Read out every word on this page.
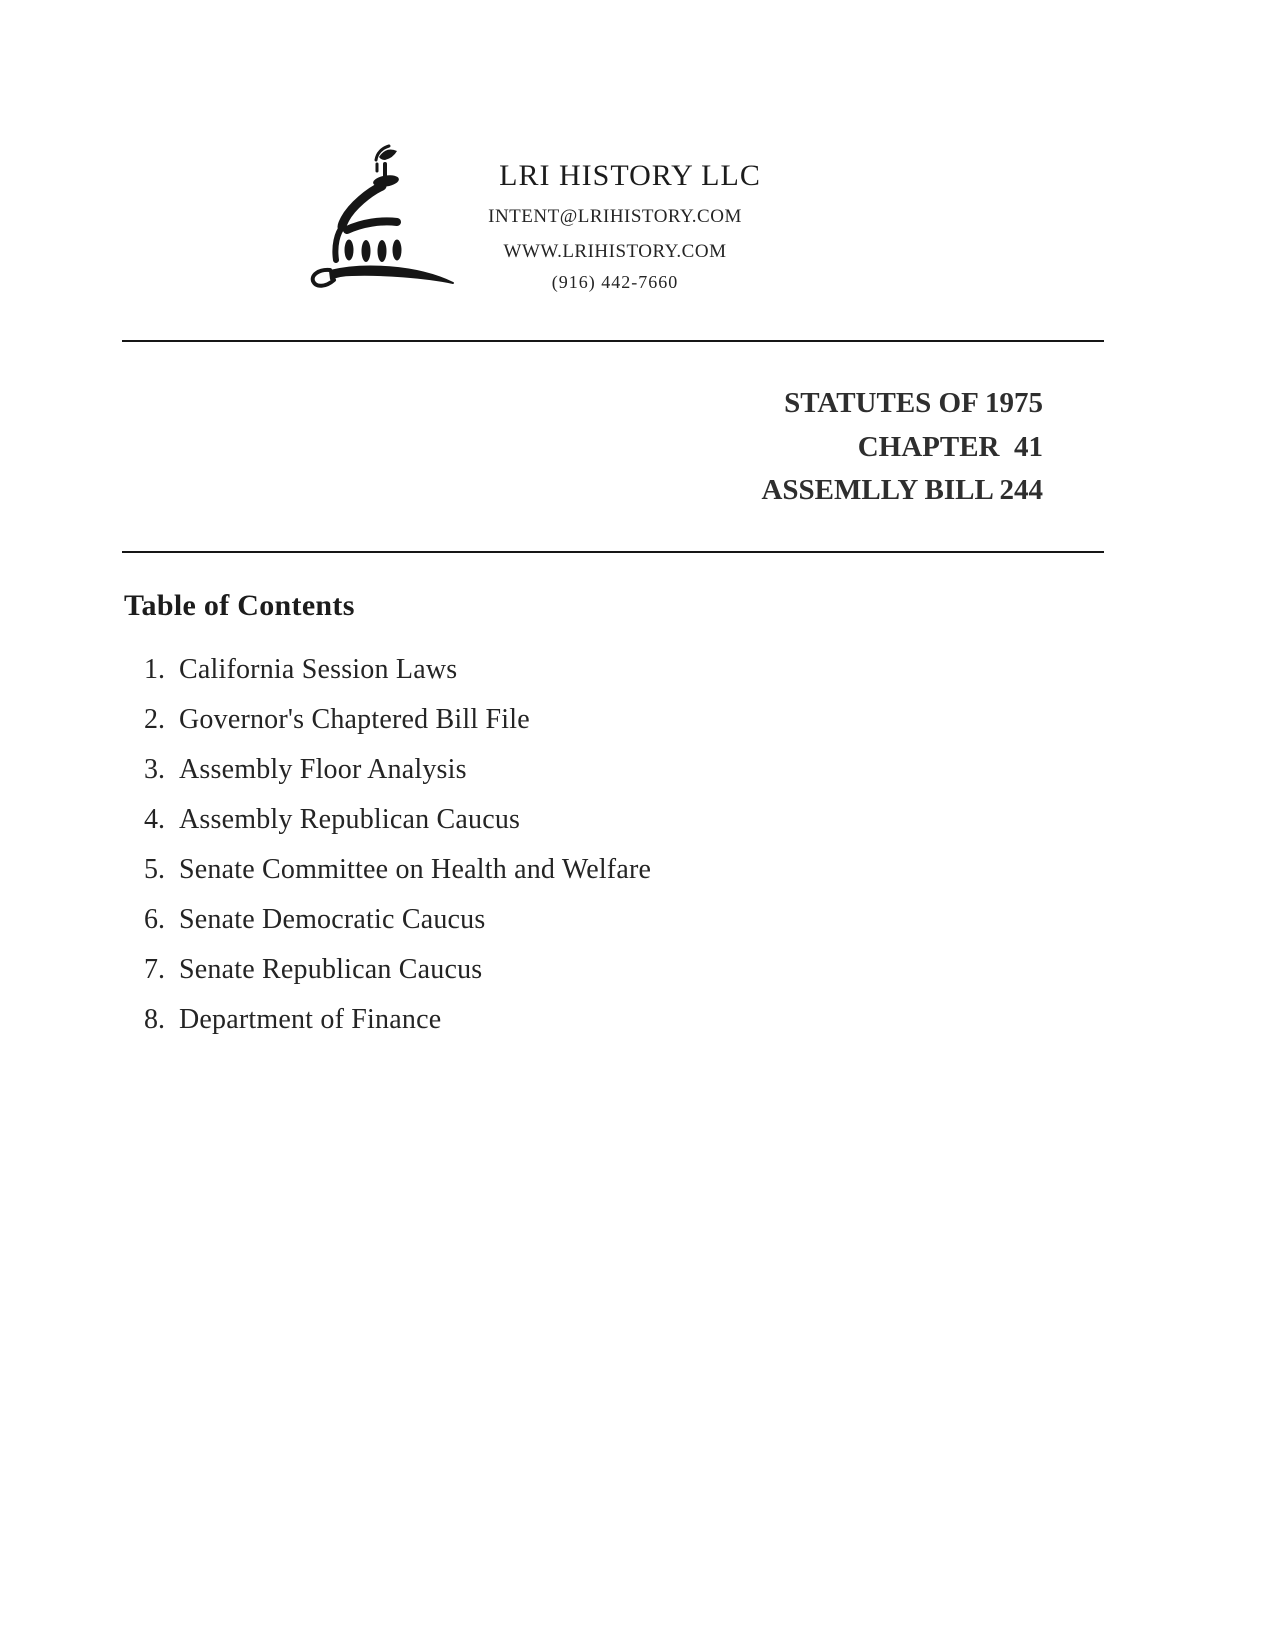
LRI HISTORY LLC
INTENT@LRIHISTORY.COM
WWW.LRIHISTORY.COM
(916) 442-7660
STATUTES OF 1975
CHAPTER  41
ASSEMLLY BILL 244
Table of Contents
1. California Session Laws
2. Governor's Chaptered Bill File
3. Assembly Floor Analysis
4. Assembly Republican Caucus
5. Senate Committee on Health and Welfare
6. Senate Democratic Caucus
7. Senate Republican Caucus
8. Department of Finance
